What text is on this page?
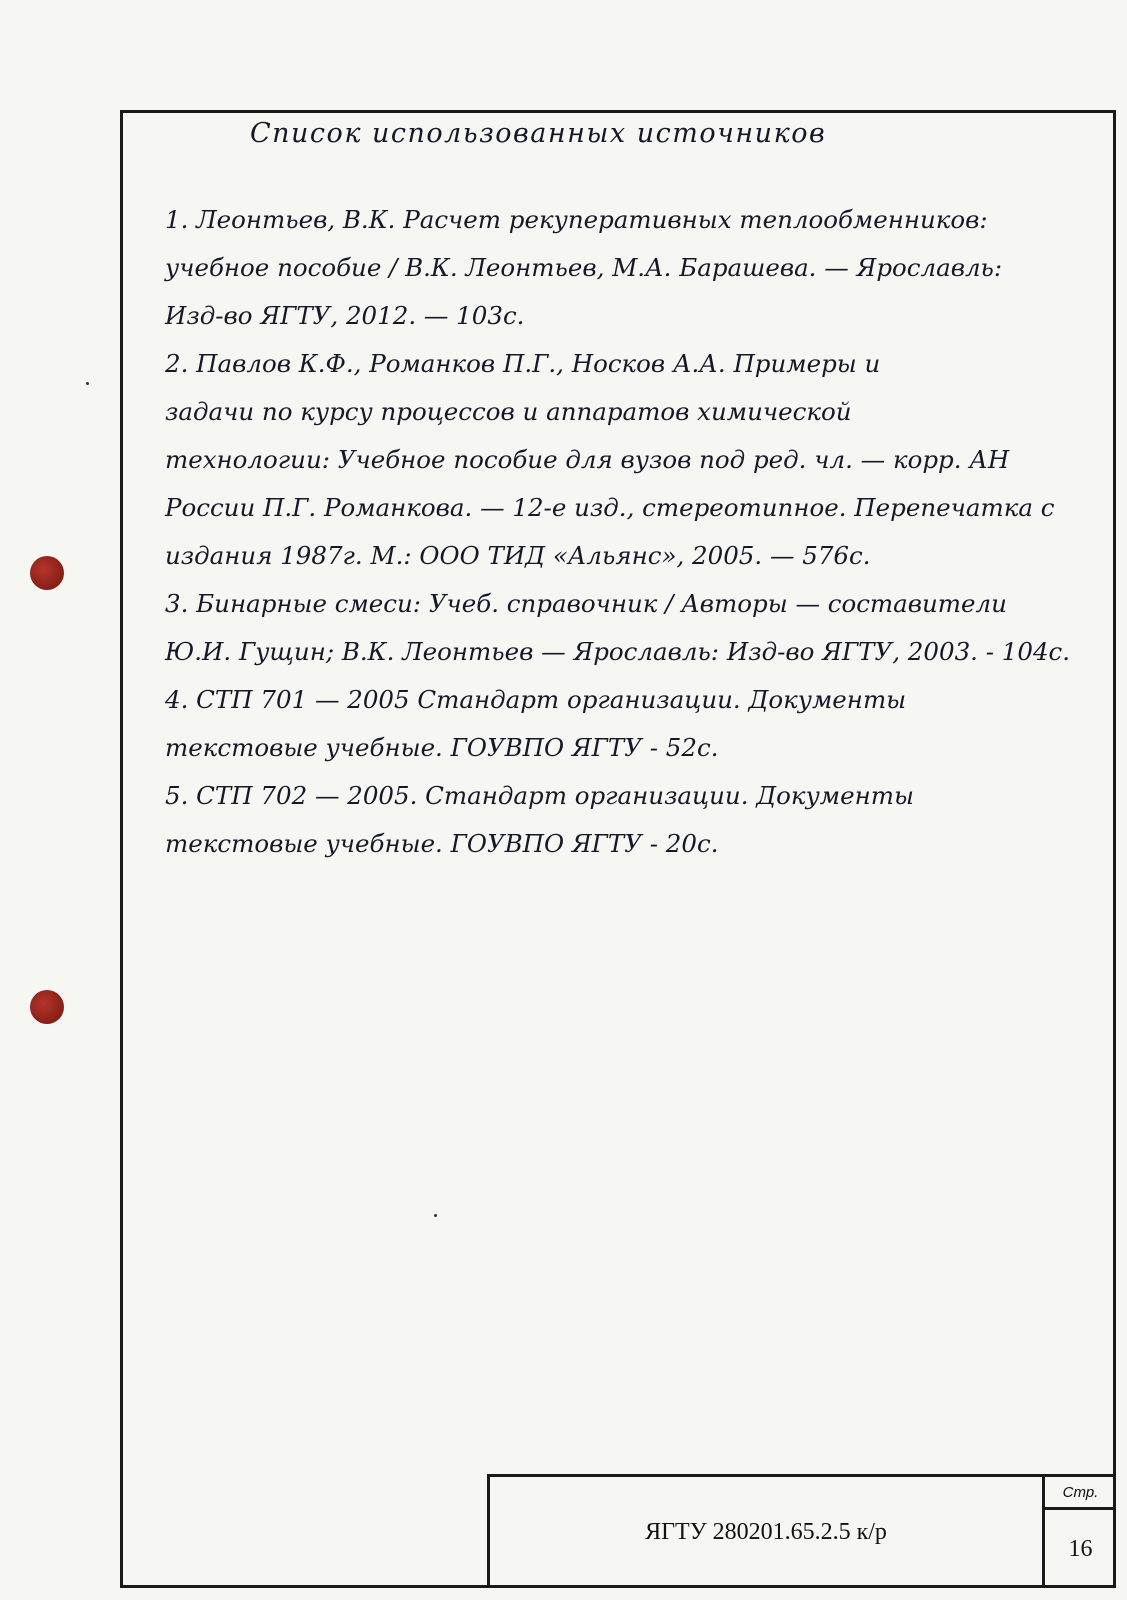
Список использованных источников
1. Леонтьев, В.К. Расчет рекуперативных теплообменников:
учебное пособие / В.К. Леонтьев, М.А. Барашева. — Ярославль:
Изд-во ЯГТУ, 2012. — 103с.
2. Павлов К.Ф., Романков П.Г., Носков А.А. Примеры и
задачи по курсу процессов и аппаратов химической
технологии: Учебное пособие для вузов под ред. чл. — корр. АН
России П.Г. Романкова. — 12-е изд., стереотипное. Перепечатка с
издания 1987г. М.: ООО ТИД «Альянс», 2005. — 576с.
3. Бинарные смеси: Учеб. справочник / Авторы — составители
Ю.И. Гущин; В.К. Леонтьев — Ярославль: Изд-во ЯГТУ, 2003. - 104с.
4. СТП 701 — 2005 Стандарт организации. Документы
текстовые учебные. ГОУВПО ЯГТУ - 52с.
5. СТП 702 — 2005. Стандарт организации. Документы
текстовые учебные. ГОУВПО ЯГТУ - 20с.
ЯГТУ 280201.65.2.5 к/р
Стр.
16
